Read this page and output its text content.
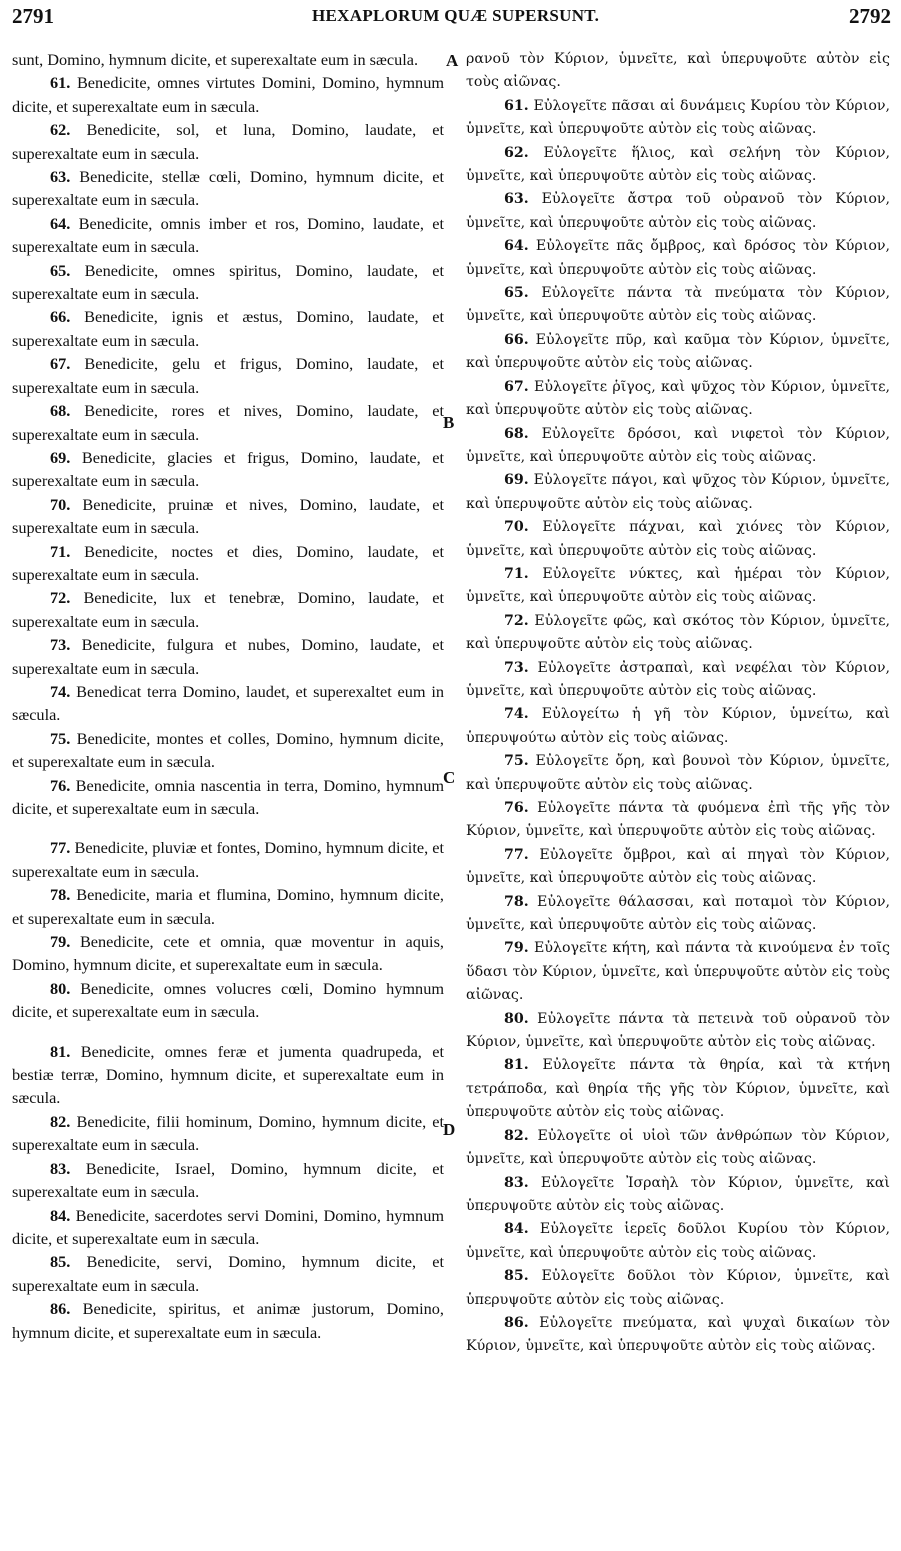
2791	HEXAPLORUM QUÆ SUPERSUNT.	2792

sunt, Domino, hymnum dicite, et superexaltate eum in sæcula.

61. Benedicite, omnes virtutes Domini, Domino, hymnum dicite, et superexaltate eum in sæcula.

62. Benedicite, sol, et luna, Domino, laudate, et superexaltate eum in sæcula.

63. Benedicite, stellæ cœli, Domino, hymnum dicite, et superexaltate eum in sæcula.

64. Benedicite, omnis imber et ros, Domino, laudate, et superexaltate eum in sæcula.

65. Benedicite, omnes spiritus, Domino, laudate, et superexaltate eum in sæcula.

66. Benedicite, ignis et æstus, Domino, laudate, et superexaltate eum in sæcula.

67. Benedicite, gelu et frigus, Domino, laudate, et superexaltate eum in sæcula.

68. Benedicite, rores et nives, Domino, laudate, et superexaltate eum in sæcula.

69. Benedicite, glacies et frigus, Domino, laudate, et superexaltate eum in sæcula.

70. Benedicite, pruinæ et nives, Domino, laudate, et superexaltate eum in sæcula.

71. Benedicite, noctes et dies, Domino, laudate, et superexaltate eum in sæcula.

72. Benedicite, lux et tenebræ, Domino, laudate, et superexaltate eum in sæcula.

73. Benedicite, fulgura et nubes, Domino, laudate, et superexaltate eum in sæcula.

74. Benedicat terra Domino, laudet, et superexaltet eum in sæcula.

75. Benedicite, montes et colles, Domino, hymnum dicite, et superexaltate eum in sæcula.

76. Benedicite, omnia nascentia in terra, Domino, hymnum dicite, et superexaltate eum in sæcula.

77. Benedicite, pluviæ et fontes, Domino, hymnum dicite, et superexaltate eum in sæcula.

78. Benedicite, maria et flumina, Domino, hymnum dicite, et superexaltate eum in sæcula.

79. Benedicite, cete et omnia, quæ moventur in aquis, Domino, hymnum dicite, et superexaltate eum in sæcula.

80. Benedicite, omnes volucres cœli, Domino hymnum dicite, et superexaltate eum in sæcula.

81. Benedicite, omnes feræ et jumenta quadrupeda, et bestiæ terræ, Domino, hymnum dicite, et superexaltate eum in sæcula.

82. Benedicite, filii hominum, Domino, hymnum dicite, et superexaltate eum in sæcula.

83. Benedicite, Israel, Domino, hymnum dicite, et superexaltate eum in sæcula.

84. Benedicite, sacerdotes servi Domini, Domino, hymnum dicite, et superexaltate eum in sæcula.

85. Benedicite, servi, Domino, hymnum dicite, et superexaltate eum in sæcula.

86. Benedicite, spiritus, et animæ justorum, Domino, hymnum dicite, et superexaltate eum in sæcula.

ρανοῦ τὸν Κύριον, ὑμνεῖτε, καὶ ὑπερυψοῦτε αὐτὸν εἰς τοὺς αἰῶνας.

61. Εὐλογεῖτε πᾶσαι αἱ δυνάμεις Κυρίου τὸν Κύριον, ὑμνεῖτε, καὶ ὑπερυψοῦτε αὐτὸν εἰς τοὺς αἰῶνας.

62. Εὐλογεῖτε ἥλιος, καὶ σελήνη τὸν Κύριον, ὑμνεῖτε, καὶ ὑπερυψοῦτε αὐτὸν εἰς τοὺς αἰῶνας.

63. Εὐλογεῖτε ἄστρα τοῦ οὐρανοῦ τὸν Κύριον, ὑμνεῖτε, καὶ ὑπερυψοῦτε αὐτὸν εἰς τοὺς αἰῶνας.

64. Εὐλογεῖτε πᾶς ὄμβρος, καὶ δρόσος τὸν Κύριον, ὑμνεῖτε, καὶ ὑπερυψοῦτε αὐτὸν εἰς τοὺς αἰῶνας.

65. Εὐλογεῖτε πάντα τὰ πνεύματα τὸν Κύριον, ὑμνεῖτε, καὶ ὑπερυψοῦτε αὐτὸν εἰς τοὺς αἰῶνας.

66. Εὐλογεῖτε πῦρ, καὶ καῦμα τὸν Κύριον, ὑμνεῖτε, καὶ ὑπερυψοῦτε αὐτὸν εἰς τοὺς αἰῶνας.

67. Εὐλογεῖτε ῥῖγος, καὶ ψῦχος τὸν Κύριον, ὑμνεῖτε, καὶ ὑπερυψοῦτε αὐτὸν εἰς τοὺς αἰῶνας.

68. Εὐλογεῖτε δρόσοι, καὶ νιφετοὶ τὸν Κύριον, ὑμνεῖτε, καὶ ὑπερυψοῦτε αὐτὸν εἰς τοὺς αἰῶνας.

69. Εὐλογεῖτε πάγοι, καὶ ψῦχος τὸν Κύριον, ὑμνεῖτε, καὶ ὑπερυψοῦτε αὐτὸν εἰς τοὺς αἰῶνας.

70. Εὐλογεῖτε πάχναι, καὶ χιόνες τὸν Κύριον, ὑμνεῖτε, καὶ ὑπερυψοῦτε αὐτὸν εἰς τοὺς αἰῶνας.

71. Εὐλογεῖτε νύκτες, καὶ ἡμέραι τὸν Κύριον, ὑμνεῖτε, καὶ ὑπερυψοῦτε αὐτὸν εἰς τοὺς αἰῶνας.

72. Εὐλογεῖτε φῶς, καὶ σκότος τὸν Κύριον, ὑμνεῖτε, καὶ ὑπερυψοῦτε αὐτὸν εἰς τοὺς αἰῶνας.

73. Εὐλογεῖτε ἀστραπαὶ, καὶ νεφέλαι τὸν Κύριον, ὑμνεῖτε, καὶ ὑπερυψοῦτε αὐτὸν εἰς τοὺς αἰῶνας.

74. Εὐλογείτω ἡ γῆ τὸν Κύριον, ὑμνείτω, καὶ ὑπερυψούτω αὐτὸν εἰς τοὺς αἰῶνας.

75. Εὐλογεῖτε ὄρη, καὶ βουνοὶ τὸν Κύριον, ὑμνεῖτε, καὶ ὑπερυψοῦτε αὐτὸν εἰς τοὺς αἰῶνας.

76. Εὐλογεῖτε πάντα τὰ φυόμενα ἐπὶ τῆς γῆς τὸν Κύριον, ὑμνεῖτε, καὶ ὑπερυψοῦτε αὐτὸν εἰς τοὺς αἰῶνας.

77. Εὐλογεῖτε ὄμβροι, καὶ αἱ πηγαὶ τὸν Κύριον, ὑμνεῖτε, καὶ ὑπερυψοῦτε αὐτὸν εἰς τοὺς αἰῶνας.

78. Εὐλογεῖτε θάλασσαι, καὶ ποταμοὶ τὸν Κύριον, ὑμνεῖτε, καὶ ὑπερυψοῦτε αὐτὸν εἰς τοὺς αἰῶνας.

79. Εὐλογεῖτε κήτη, καὶ πάντα τὰ κινούμενα ἐν τοῖς ὕδασι τὸν Κύριον, ὑμνεῖτε, καὶ ὑπερυψοῦτε αὐτὸν εἰς τοὺς αἰῶνας.

80. Εὐλογεῖτε πάντα τὰ πετεινὰ τοῦ οὐρανοῦ τὸν Κύριον, ὑμνεῖτε, καὶ ὑπερυψοῦτε αὐτὸν εἰς τοὺς αἰῶνας.

81. Εὐλογεῖτε πάντα τὰ θηρία, καὶ τὰ κτήνη τετράποδα, καὶ θηρία τῆς γῆς τὸν Κύριον, ὑμνεῖτε, καὶ ὑπερυψοῦτε αὐτὸν εἰς τοὺς αἰῶνας.

82. Εὐλογεῖτε οἱ υἱοὶ τῶν ἀνθρώπων τὸν Κύριον, ὑμνεῖτε, καὶ ὑπερυψοῦτε αὐτὸν εἰς τοὺς αἰῶνας.

83. Εὐλογεῖτε Ἰσραὴλ τὸν Κύριον, ὑμνεῖτε, καὶ ὑπερυψοῦτε αὐτὸν εἰς τοὺς αἰῶνας.

84. Εὐλογεῖτε ἱερεῖς δοῦλοι Κυρίου τὸν Κύριον, ὑμνεῖτε, καὶ ὑπερυψοῦτε αὐτὸν εἰς τοὺς αἰῶνας.

85. Εὐλογεῖτε δοῦλοι τὸν Κύριον, ὑμνεῖτε, καὶ ὑπερυψοῦτε αὐτὸν εἰς τοὺς αἰῶνας.

86. Εὐλογεῖτε πνεύματα, καὶ ψυχαὶ δικαίων τὸν Κύριον, ὑμνεῖτε, καὶ ὑπερυψοῦτε αὐτὸν εἰς τοὺς αἰῶνας.

A
B
C
D
